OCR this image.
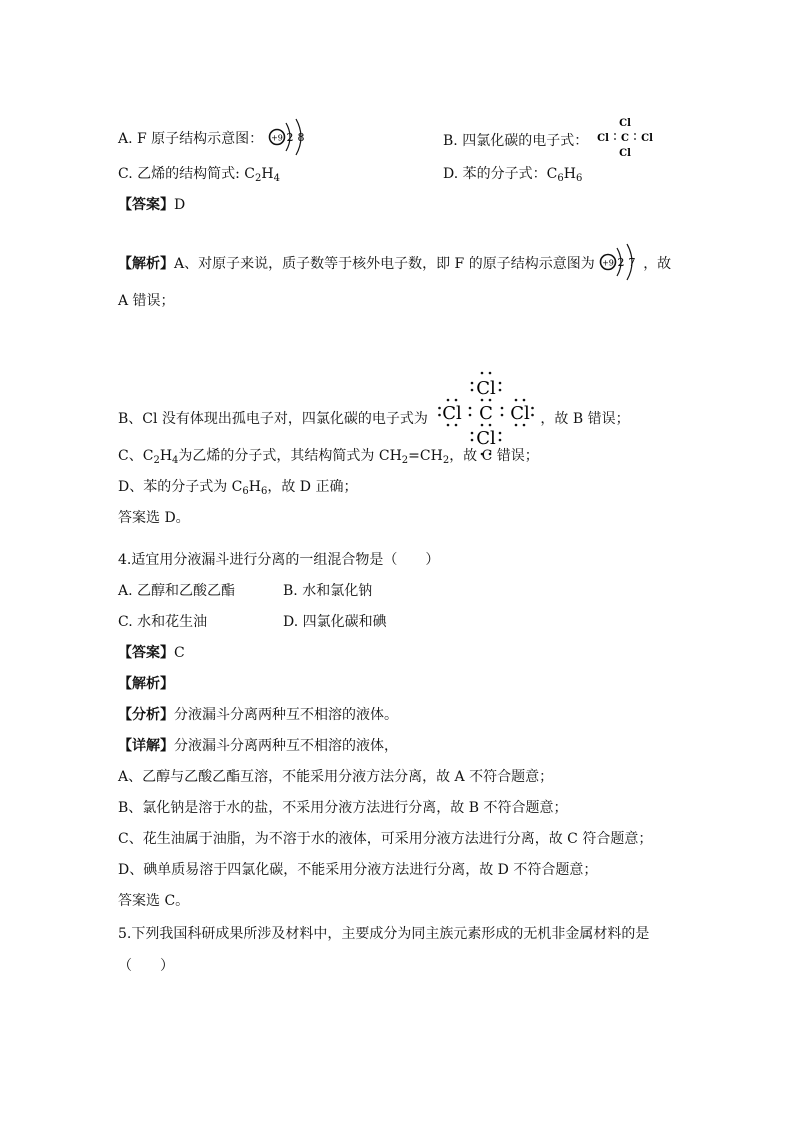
A. F 原子结构示意图： +9 2 8	B. 四氯化碳的电子式：
Cl
Cl C Cl
Cl
C. 乙烯的结构简式: $C_2H_4$	D. 苯的分子式：$C_6H_6$
【答案】D
【解析】A、对原子来说，质子数等于核外电子数，即 F 的原子结构示意图为 +9 2 7 ，故
A 错误；
B、Cl 没有体现出孤电子对，四氯化碳的电子式为
Cl
Cl C Cl
Cl
，故 B 错误；
C、$C_2H_4$为乙烯的分子式，其结构简式为 $CH_2=CH_2$，故 C 错误；
D、苯的分子式为 $C_6H_6$，故 D 正确；
答案选 D。
4.适宜用分液漏斗进行分离的一组混合物是（　　）
A. 乙醇和乙酸乙酯	B. 水和氯化钠
C. 水和花生油	D. 四氯化碳和碘
【答案】C
【解析】
【分析】分液漏斗分离两种互不相溶的液体。
【详解】分液漏斗分离两种互不相溶的液体，
A、乙醇与乙酸乙酯互溶，不能采用分液方法分离，故 A 不符合题意；
B、氯化钠是溶于水的盐，不采用分液方法进行分离，故 B 不符合题意；
C、花生油属于油脂，为不溶于水的液体，可采用分液方法进行分离，故 C 符合题意；
D、碘单质易溶于四氯化碳，不能采用分液方法进行分离，故 D 不符合题意；
答案选 C。
5.下列我国科研成果所涉及材料中，主要成分为同主族元素形成的无机非金属材料的是
（　　）
